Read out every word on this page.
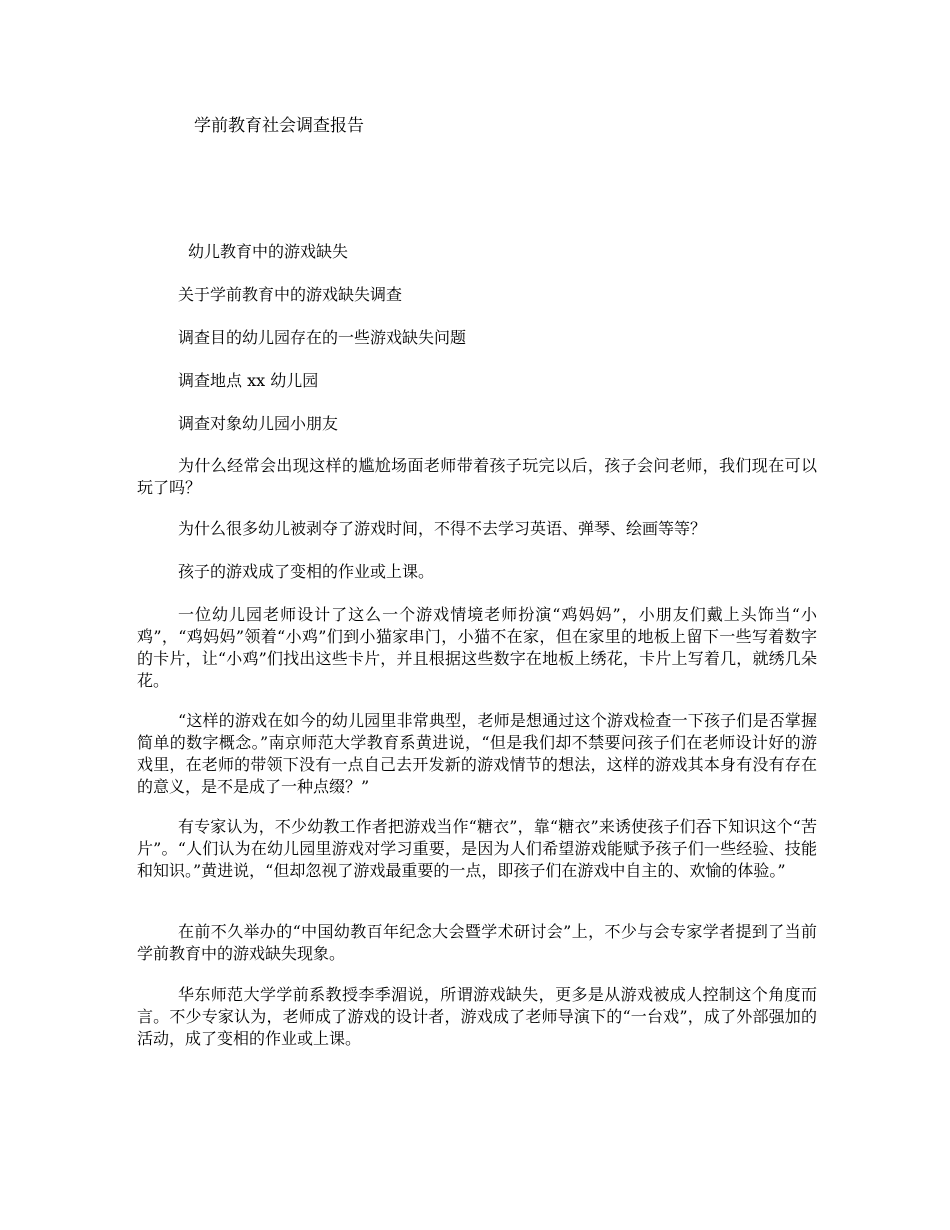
学前教育社会调查报告

幼儿教育中的游戏缺失

关于学前教育中的游戏缺失调查

调查目的幼儿园存在的一些游戏缺失问题

调查地点 xx 幼儿园

调查对象幼儿园小朋友

为什么经常会出现这样的尴尬场面老师带着孩子玩完以后，孩子会问老师，我们现在可以玩了吗？

为什么很多幼儿被剥夺了游戏时间，不得不去学习英语、弹琴、绘画等等？

孩子的游戏成了变相的作业或上课。

一位幼儿园老师设计了这么一个游戏情境老师扮演“鸡妈妈”，小朋友们戴上头饰当“小鸡”，“鸡妈妈”领着“小鸡”们到小猫家串门，小猫不在家，但在家里的地板上留下一些写着数字的卡片，让“小鸡”们找出这些卡片，并且根据这些数字在地板上绣花，卡片上写着几，就绣几朵花。

“这样的游戏在如今的幼儿园里非常典型，老师是想通过这个游戏检查一下孩子们是否掌握简单的数字概念。”南京师范大学教育系黄进说，“但是我们却不禁要问孩子们在老师设计好的游戏里，在老师的带领下没有一点自己去开发新的游戏情节的想法，这样的游戏其本身有没有存在的意义，是不是成了一种点缀？”

有专家认为，不少幼教工作者把游戏当作“糖衣”，靠“糖衣”来诱使孩子们吞下知识这个“苦片”。“人们认为在幼儿园里游戏对学习重要，是因为人们希望游戏能赋予孩子们一些经验、技能和知识。”黄进说，“但却忽视了游戏最重要的一点，即孩子们在游戏中自主的、欢愉的体验。”

在前不久举办的“中国幼教百年纪念大会暨学术研讨会”上，不少与会专家学者提到了当前学前教育中的游戏缺失现象。

华东师范大学学前系教授李季湄说，所谓游戏缺失，更多是从游戏被成人控制这个角度而言。不少专家认为，老师成了游戏的设计者，游戏成了老师导演下的“一台戏”，成了外部强加的活动，成了变相的作业或上课。
